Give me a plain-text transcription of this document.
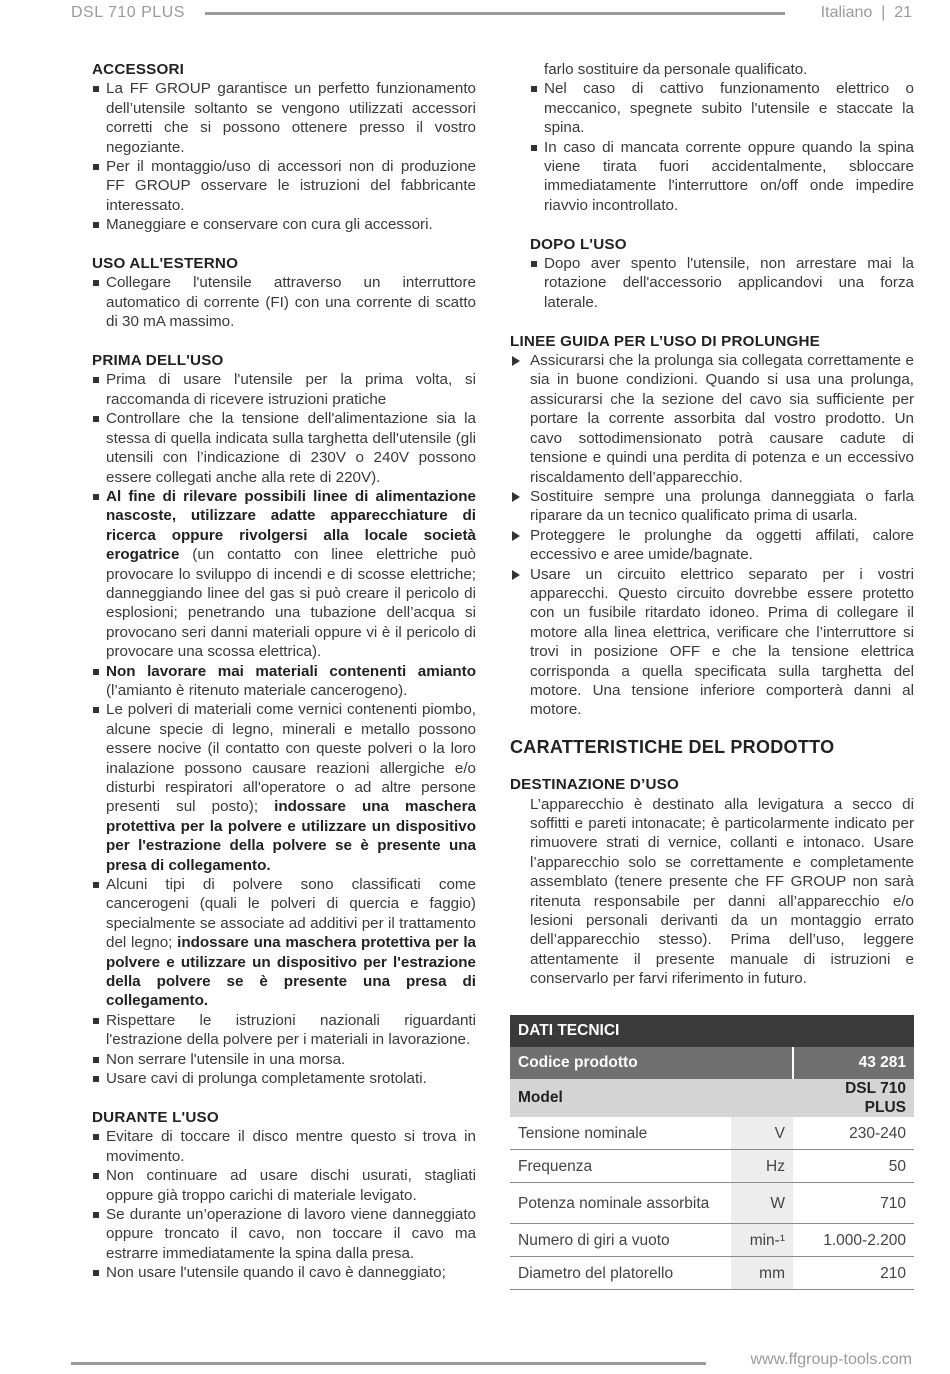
DSL 710 PLUS	Italiano | 21

ACCESSORI

La FF GROUP garantisce un perfetto funzionamento dell’utensile soltanto se vengono utilizzati accessori corretti che si possono ottenere presso il vostro negoziante.
Per il montaggio/uso di accessori non di produzione FF GROUP osservare le istruzioni del fabbricante interessato.
Maneggiare e conservare con cura gli accessori.

USO ALL'ESTERNO

Collegare l'utensile attraverso un interruttore automatico di corrente (FI) con una corrente di scatto di 30 mA massimo.

PRIMA DELL'USO

Prima di usare l'utensile per la prima volta, si raccomanda di ricevere istruzioni pratiche
Controllare che la tensione dell'alimentazione sia la stessa di quella indicata sulla targhetta dell'utensile (gli utensili con l’indicazione di 230V o 240V possono essere collegati anche alla rete di 220V).
Al fine di rilevare possibili linee di alimentazione nascoste, utilizzare adatte apparecchiature di ricerca oppure rivolgersi alla locale società erogatrice (un contatto con linee elettriche può provocare lo sviluppo di incendi e di scosse elettriche; danneggiando linee del gas si può creare il pericolo di esplosioni; penetrando una tubazione dell’acqua si provocano seri danni materiali oppure vi è il pericolo di provocare una scossa elettrica).
Non lavorare mai materiali contenenti amianto (l’amianto è ritenuto materiale cancerogeno).
Le polveri di materiali come vernici contenenti piombo, alcune specie di legno, minerali e metallo possono essere nocive (il contatto con queste polveri o la loro inalazione possono causare reazioni allergiche e/o disturbi respiratori all'operatore o ad altre persone presenti sul posto); indossare una maschera protettiva per la polvere e utilizzare un dispositivo per l'estrazione della polvere se è presente una presa di collegamento.
Alcuni tipi di polvere sono classificati come cancerogeni (quali le polveri di quercia e faggio) specialmente se associate ad additivi per il trattamento del legno; indossare una maschera protettiva per la polvere e utilizzare un dispositivo per l'estrazione della polvere se è presente una presa di collegamento.
Rispettare le istruzioni nazionali riguardanti l'estrazione della polvere per i materiali in lavorazione.
Non serrare l'utensile in una morsa.
Usare cavi di prolunga completamente srotolati.

DURANTE L'USO

Evitare di toccare il disco mentre questo si trova in movimento.
Non continuare ad usare dischi usurati, stagliati oppure già troppo carichi di materiale levigato.
Se durante un’operazione di lavoro viene danneggiato oppure troncato il cavo, non toccare il cavo ma estrarre immediatamente la spina dalla presa.
Non usare l'utensile quando il cavo è danneggiato;
farlo sostituire da personale qualificato.
Nel caso di cattivo funzionamento elettrico o meccanico, spegnete subito l'utensile e staccate la spina.
In caso di mancata corrente oppure quando la spina viene tirata fuori accidentalmente, sbloccare immediatamente l'interruttore on/off onde impedire riavvio incontrollato.

DOPO L'USO

Dopo aver spento l'utensile, non arrestare mai la rotazione dell'accessorio applicandovi una forza laterale.

LINEE GUIDA PER L’USO DI PROLUNGHE

Assicurarsi che la prolunga sia collegata correttamente e sia in buone condizioni. Quando si usa una prolunga, assicurarsi che la sezione del cavo sia sufficiente per portare la corrente assorbita dal vostro prodotto. Un cavo sottodimensionato potrà causare cadute di tensione e quindi una perdita di potenza e un eccessivo riscaldamento dell’apparecchio.
Sostituire sempre una prolunga danneggiata o farla riparare da un tecnico qualificato prima di usarla.
Proteggere le prolunghe da oggetti affilati, calore eccessivo e aree umide/bagnate.
Usare un circuito elettrico separato per i vostri apparecchi. Questo circuito dovrebbe essere protetto con un fusibile ritardato idoneo. Prima di collegare il motore alla linea elettrica, verificare che l’interruttore si trovi in posizione OFF e che la tensione elettrica corrisponda a quella specificata sulla targhetta del motore. Una tensione inferiore comporterà danni al motore.

CARATTERISTICHE DEL PRODOTTO

DESTINAZIONE D’USO

L’apparecchio è destinato alla levigatura a secco di soffitti e pareti intonacate; è particolarmente indicato per rimuovere strati di vernice, collanti e intonaco. Usare l’apparecchio solo se correttamente e completamente assemblato (tenere presente che FF GROUP non sarà ritenuta responsabile per danni all’apparecchio e/o lesioni personali derivanti da un montaggio errato dell’apparecchio stesso). Prima dell’uso, leggere attentamente il presente manuale di istruzioni e conservarlo per farvi riferimento in futuro.
DATI TECNICI		
Codice prodotto		43 281
Model		DSL 710 PLUS
Tensione nominale	V	230-240
Frequenza	Hz	50
Potenza nominale assorbita	W	710
Numero di giri a vuoto	min-¹	1.000-2.200
Diametro del platorello	mm	210
www.ffgroup-tools.com
